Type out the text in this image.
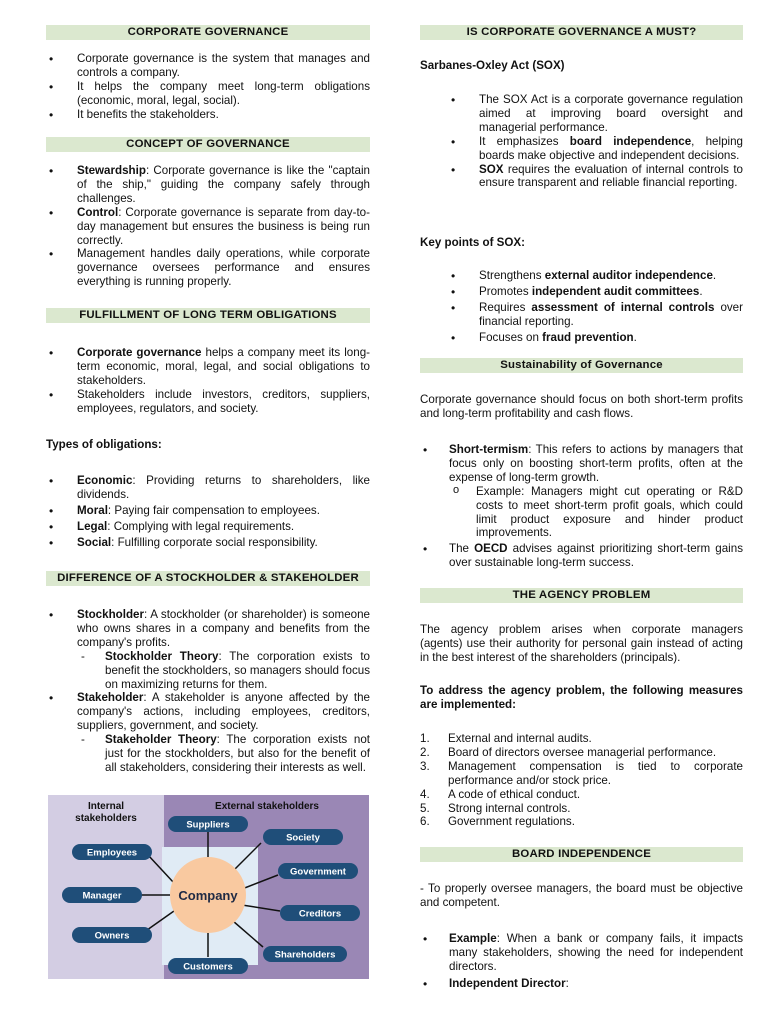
CORPORATE GOVERNANCE
• Corporate governance is the system that manages and controls a company.
• It helps the company meet long-term obligations (economic, moral, legal, social).
• It benefits the stakeholders.
CONCEPT OF GOVERNANCE
• Stewardship: Corporate governance is like the "captain of the ship," guiding the company safely through challenges.
• Control: Corporate governance is separate from day-to-day management but ensures the business is being run correctly.
• Management handles daily operations, while corporate governance oversees performance and ensures everything is running properly.
FULFILLMENT OF LONG TERM OBLIGATIONS
• Corporate governance helps a company meet its long-term economic, moral, legal, and social obligations to stakeholders.
• Stakeholders include investors, creditors, suppliers, employees, regulators, and society.
Types of obligations:
• Economic: Providing returns to shareholders, like dividends.
• Moral: Paying fair compensation to employees.
• Legal: Complying with legal requirements.
• Social: Fulfilling corporate social responsibility.
DIFFERENCE OF A STOCKHOLDER & STAKEHOLDER
• Stockholder: A stockholder (or shareholder) is someone who owns shares in a company and benefits from the company's profits.
- Stockholder Theory: The corporation exists to benefit the stockholders, so managers should focus on maximizing returns for them.
• Stakeholder: A stakeholder is anyone affected by the company's actions, including employees, creditors, suppliers, government, and society.
- Stakeholder Theory: The corporation exists not just for the stockholders, but also for the benefit of all stakeholders, considering their interests as well.
Internal
stakeholders
External stakeholders
Company
Suppliers
Society
Government
Creditors
Shareholders
Customers
Employees
Manager
Owners
IS CORPORATE GOVERNANCE A MUST?
Sarbanes-Oxley Act (SOX)
• The SOX Act is a corporate governance regulation aimed at improving board oversight and managerial performance.
• It emphasizes board independence, helping boards make objective and independent decisions.
• SOX requires the evaluation of internal controls to ensure transparent and reliable financial reporting.
Key points of SOX:
• Strengthens external auditor independence.
• Promotes independent audit committees.
• Requires assessment of internal controls over financial reporting.
• Focuses on fraud prevention.
Sustainability of Governance
Corporate governance should focus on both short-term profits and long-term profitability and cash flows.
• Short-termism: This refers to actions by managers that focus only on boosting short-term profits, often at the expense of long-term growth.
o Example: Managers might cut operating or R&D costs to meet short-term profit goals, which could limit product exposure and hinder product improvements.
• The OECD advises against prioritizing short-term gains over sustainable long-term success.
THE AGENCY PROBLEM
The agency problem arises when corporate managers (agents) use their authority for personal gain instead of acting in the best interest of the shareholders (principals).
To address the agency problem, the following measures are implemented:
1. External and internal audits.
2. Board of directors oversee managerial performance.
3. Management compensation is tied to corporate performance and/or stock price.
4. A code of ethical conduct.
5. Strong internal controls.
6. Government regulations.
BOARD INDEPENDENCE
- To properly oversee managers, the board must be objective and competent.
• Example: When a bank or company fails, it impacts many stakeholders, showing the need for independent directors.
• Independent Director:
